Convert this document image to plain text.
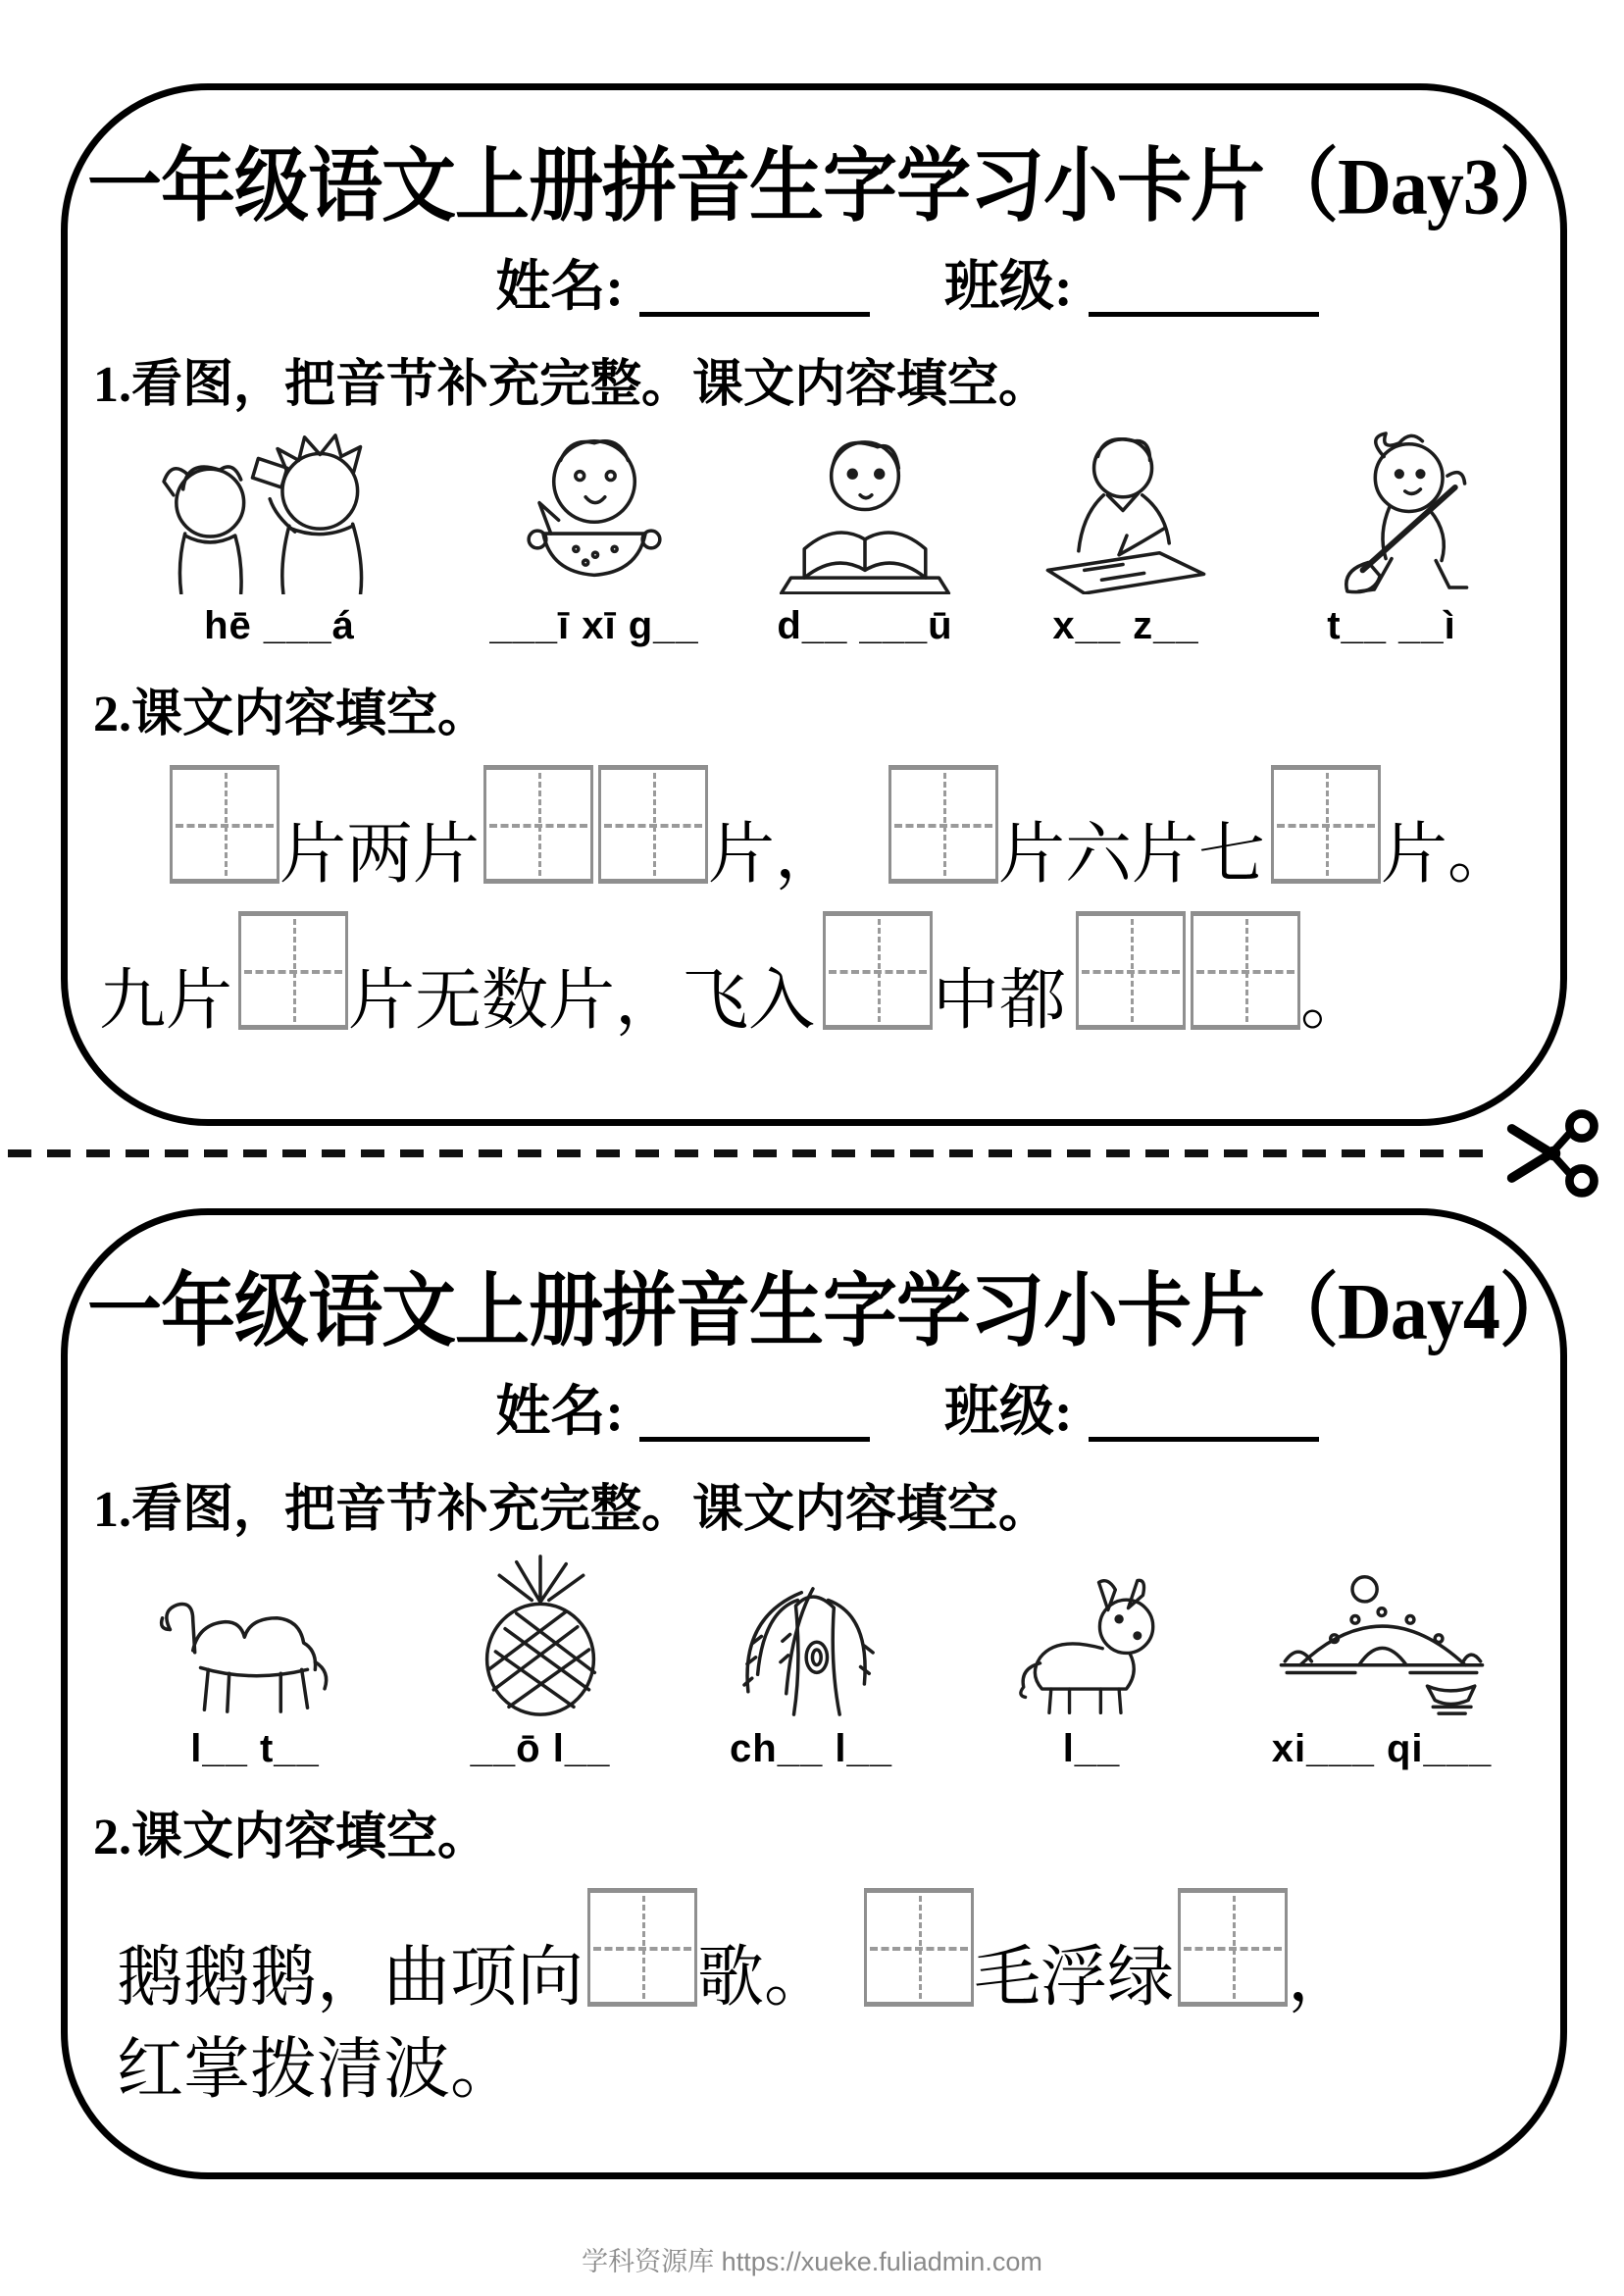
一年级语文上册拼音生字学习小卡片（Day3）
姓名:	班级:
1.看图，把音节补充完整。课文内容填空。
hē ___á	___ī xī g__ d__ ___ū	x__ z__	t__ __ì
2.课文内容填空。
片两片	片， 片六片七 片。
九片 片无数片，飞入 中都	。
一年级语文上册拼音生字学习小卡片（Day4）
姓名:	班级:
1.看图，把音节补充完整。课文内容填空。
l__ t__	__ō l__	ch__ l__	l__	xi___ qi___
2.课文内容填空。
鹅鹅鹅，曲项向 歌。 毛浮绿 ，
红掌拨清波。
学科资源库 https://xueke.fuliadmin.com
